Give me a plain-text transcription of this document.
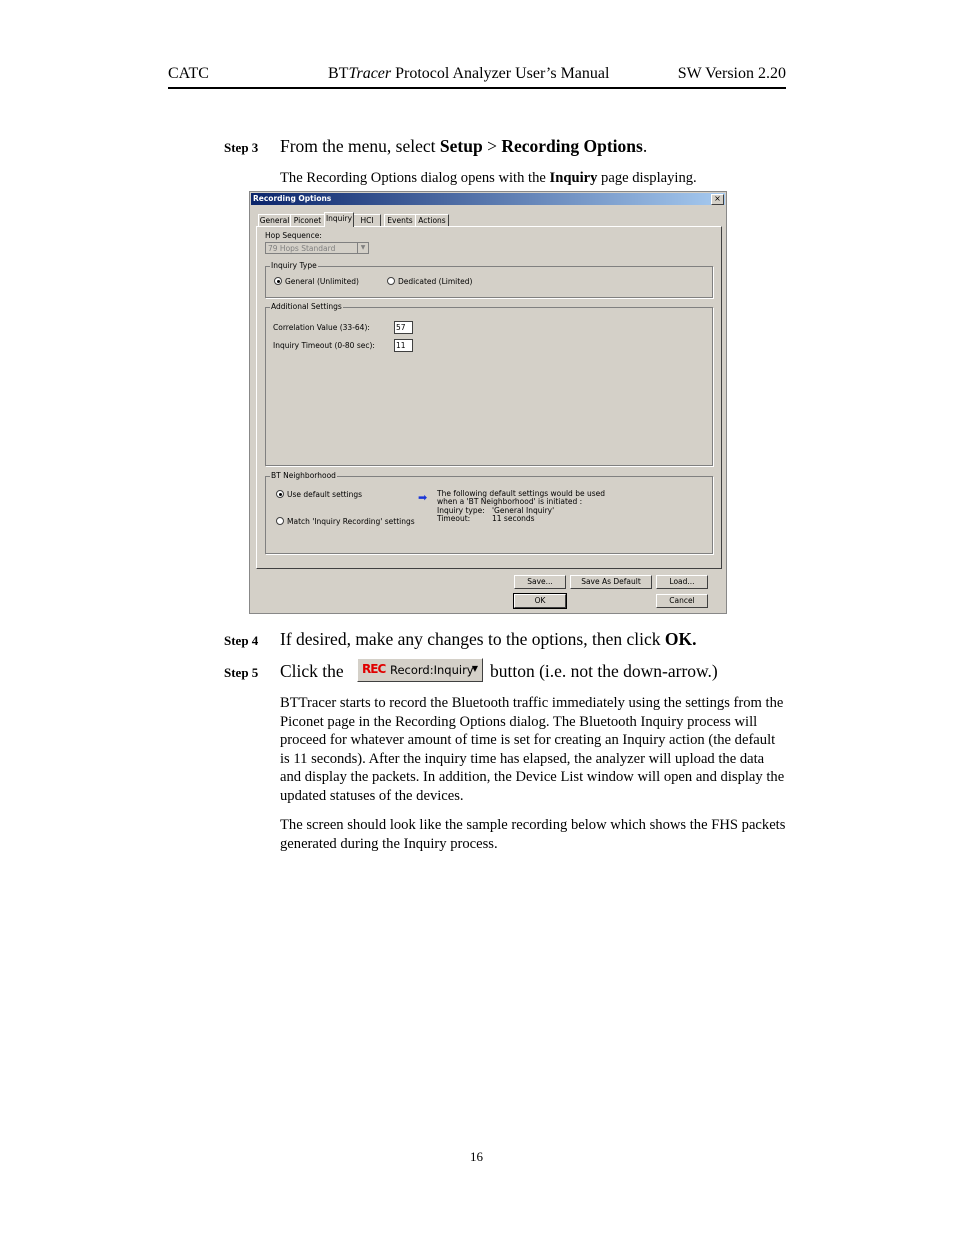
CATC	BTTracer Protocol Analyzer User’s Manual	SW Version 2.20
Step 3 From the menu, select Setup > Recording Options.
The Recording Options dialog opens with the Inquiry page displaying.
Recording Options	×
General Piconet Inquiry	HCI	Events Actions
Hop Sequence:
79 Hops Standard	▼
Inquiry Type
General (Unlimited)	Dedicated (Limited)
Additional Settings
Correlation Value (33-64):	57
Inquiry Timeout (0-80 sec):	11
BT Neighborhood
Use default settings	➡ The following default settings would be used
when a 'BT Neighborhood' is initiated :
Inquiry type: 'General Inquiry'
Timeout:	11 seconds
Match 'Inquiry Recording' settings
Save...	Save As Default	Load...
OK	Cancel
Step 4 If desired, make any changes to the options, then click OK.
Step 5 Click the REC Record:Inquiry
▼ button (i.e. not the down-arrow.)
BTTracer starts to record the Bluetooth traffic immediately using the settings from the Piconet page in the Recording Options dialog. The Bluetooth Inquiry process will proceed for whatever amount of time is set for creating an Inquiry action (the default is 11 seconds). After the inquiry time has elapsed, the analyzer will upload the data and display the packets. In addition, the Device List window will open and display the updated statuses of the devices.
The screen should look like the sample recording below which shows the FHS packets generated during the Inquiry process.
16
